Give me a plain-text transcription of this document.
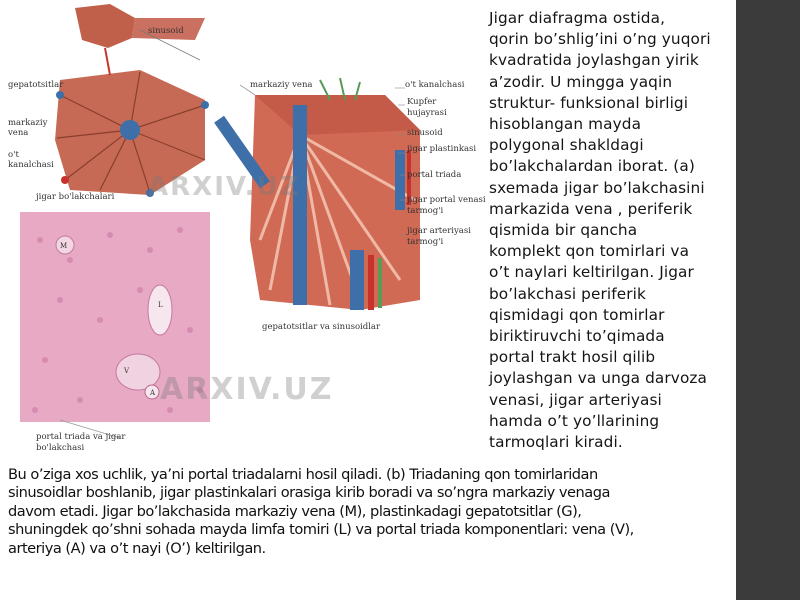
sinusoid
gepatotsitlar
markaziy
vena
o't
kanalchasi
jigar bo'lakchalari
markaziy vena	o't kanalchasi
Kupfer
hujayrasi
sinusoid
jigar plastinkasi
portal triada
jigar portal venasi
tarmog'i
jigar arteriyasi
tarmog'i
gepatotsitlar va sinusoidlar
portal triada va jigar
bo'lakchasi
M
L
V
A
ARXIV.UZ
ARXIV.UZ
Jigar diafragma ostida,
qorin bo’shlig’ini o’ng yuqori
kvadratida joylashgan yirik
a’zodir. U mingga yaqin
struktur- funksional birligi
hisoblangan mayda
polygonal shakldagi
bo’lakchalardan iborat. (a)
sxemada jigar bo’lakchasini
markazida vena , periferik
qismida bir qancha
komplekt qon tomirlari va
o’t naylari keltirilgan. Jigar
bo’lakchasi periferik
qismidagi qon tomirlar
biriktiruvchi to’qimada
portal trakt hosil qilib
joylashgan va unga darvoza
venasi, jigar arteriyasi
hamda o’t yo’llarining
tarmoqlari kiradi.
Bu o’ziga xos uchlik, ya’ni portal triadalarni hosil qiladi. (b) Triadaning qon tomirlaridan
sinusoidlar boshlanib, jigar plastinkalari orasiga kirib boradi va so’ngra markaziy venaga
davom etadi. Jigar bo’lakchasida markaziy vena (M), plastinkadagi gepatotsitlar (G),
shuningdek qo’shni sohada mayda limfa tomiri (L) va portal triada komponentlari: vena (V),
arteriya (A) va o’t nayi (O’) keltirilgan.
